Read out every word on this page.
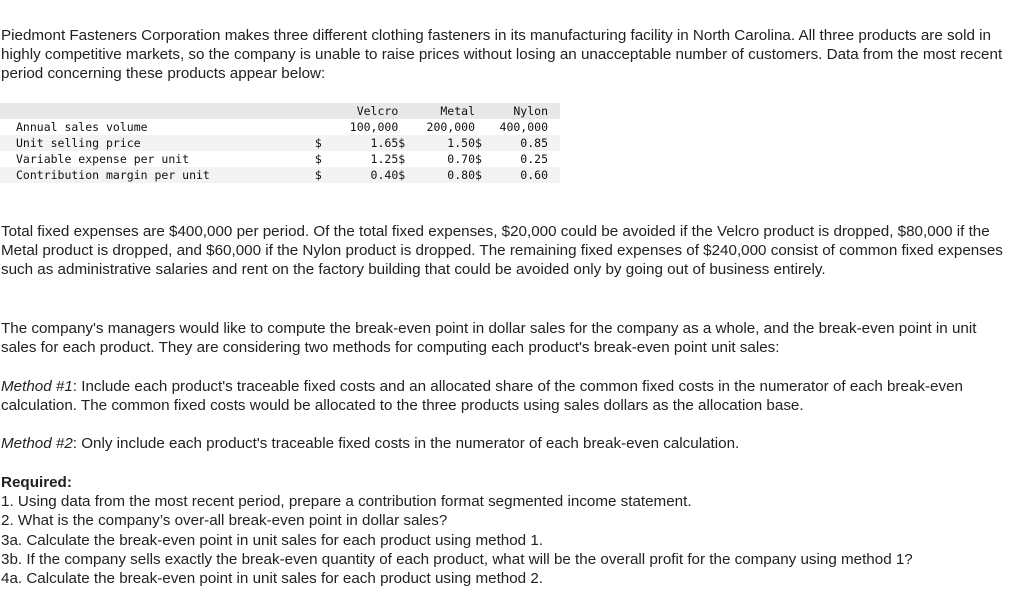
Piedmont Fasteners Corporation makes three different clothing fasteners in its manufacturing facility in North Carolina. All three products are sold in highly competitive markets, so the company is unable to raise prices without losing an unacceptable number of customers. Data from the most recent period concerning these products appear below:

		Velcro		Metal		Nylon
Annual sales volume		100,000		200,000		400,000
Unit selling price	$	1.65	$	1.50	$	0.85
Variable expense per unit	$	1.25	$	0.70	$	0.25
Contribution margin per unit	$	0.40	$	0.80	$	0.60

Total fixed expenses are $400,000 per period. Of the total fixed expenses, $20,000 could be avoided if the Velcro product is dropped, $80,000 if the Metal product is dropped, and $60,000 if the Nylon product is dropped. The remaining fixed expenses of $240,000 consist of common fixed expenses such as administrative salaries and rent on the factory building that could be avoided only by going out of business entirely.

The company's managers would like to compute the break-even point in dollar sales for the company as a whole, and the break-even point in unit sales for each product. They are considering two methods for computing each product's break-even point unit sales:

Method #1: Include each product's traceable fixed costs and an allocated share of the common fixed costs in the numerator of each break-even calculation. The common fixed costs would be allocated to the three products using sales dollars as the allocation base.

Method #2: Only include each product's traceable fixed costs in the numerator of each break-even calculation.

Required:
1. Using data from the most recent period, prepare a contribution format segmented income statement.
2. What is the company’s over-all break-even point in dollar sales?
3a. Calculate the break-even point in unit sales for each product using method 1.
3b. If the company sells exactly the break-even quantity of each product, what will be the overall profit for the company using method 1?
4a. Calculate the break-even point in unit sales for each product using method 2.
